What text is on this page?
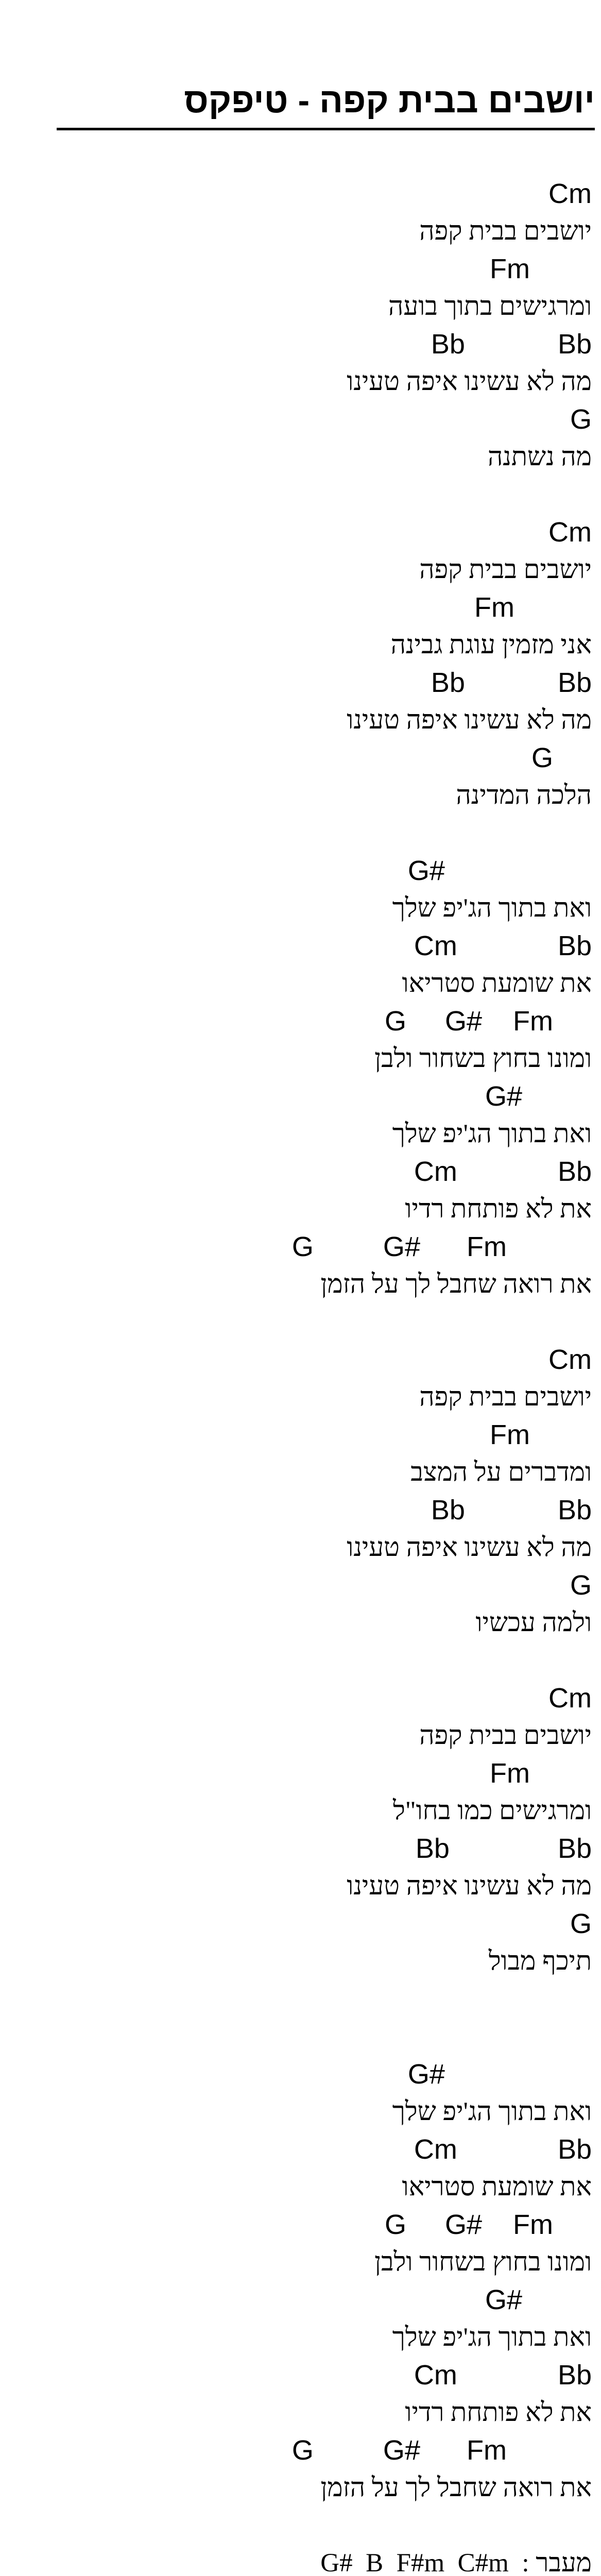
יושבים בבית קפה - טיפקס
Cm
יושבים בבית קפה
Fm
ומרגישים בתוך בועה
Bb            Bb
מה לא עשינו איפה טעינו
G
מה נשתנה
Cm
יושבים בבית קפה
Fm
אני מזמין עוגת גבינה
Bb            Bb
מה לא עשינו איפה טעינו
G
הלכה המדינה
G#
ואת בתוך הג'יפ שלך
Cm             Bb
את שומעת סטריאו
G     G#    Fm
ומונו בחוץ בשחור ולבן
G#
ואת בתוך הג'יפ שלך
Cm             Bb
את לא פותחת רדיו
G         G#      Fm
את רואה שחבל לך על הזמן
Cm
יושבים בבית קפה
Fm
ומדברים על המצב
Bb            Bb
מה לא עשינו איפה טעינו
G
ולמה עכשיו
Cm
יושבים בבית קפה
Fm
ומרגישים כמו בחו"ל
Bb              Bb
מה לא עשינו איפה טעינו
G
תיכף מבול
G#
ואת בתוך הג'יפ שלך
Cm             Bb
את שומעת סטריאו
G     G#    Fm
ומונו בחוץ בשחור ולבן
G#
ואת בתוך הג'יפ שלך
Cm             Bb
את לא פותחת רדיו
G         G#      Fm
את רואה שחבל לך על הזמן
מעבר :  G#  B  F#m  C#m
